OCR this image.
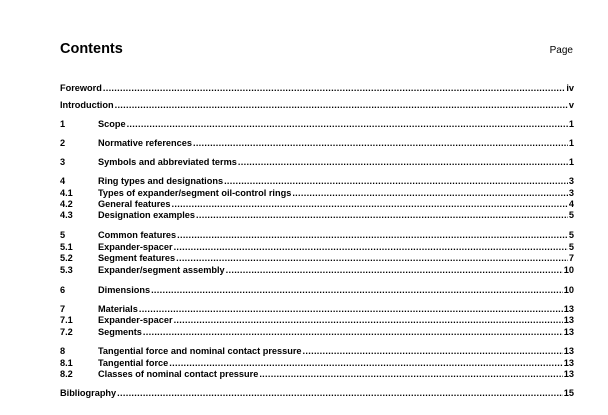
Contents	Page
Foreword .....	iv
Introduction .....	v
1	Scope .....	1
2	Normative references .....	1
3	Symbols and abbreviated terms .....	1
4	Ring types and designations .....	3
4.1	Types of expander/segment oil-control rings .....	3
4.2	General features .....	4
4.3	Designation examples .....	5
5	Common features .....	5
5.1	Expander-spacer .....	5
5.2	Segment features .....	7
5.3	Expander/segment assembly .....	10
6	Dimensions .....	10
7	Materials .....	13
7.1	Expander-spacer .....	13
7.2	Segments .....	13
8	Tangential force and nominal contact pressure .....	13
8.1	Tangential force .....	13
8.2	Classes of nominal contact pressure .....	13
Bibliography .....	15
